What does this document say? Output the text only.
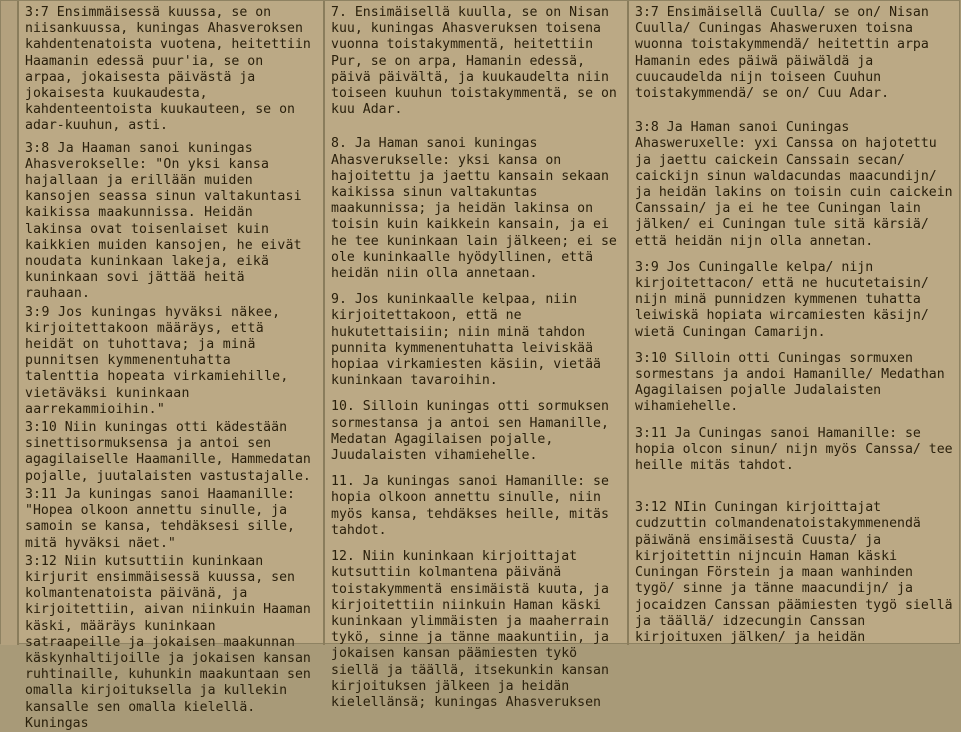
3:7 Ensimmäisessä kuussa, se on niisankuussa, kuningas Ahasveroksen kahdentenatoista vuotena, heitettiin Haamanin edessä puur'ia, se on arpaa, jokaisesta päivästä ja jokaisesta kuukaudesta, kahdenteentoista kuukauteen, se on adar-kuuhun, asti.

3:8 Ja Haaman sanoi kuningas Ahasverokselle: "On yksi kansa hajallaan ja erillään muiden kansojen seassa sinun valtakuntasi kaikissa maakunnissa. Heidän lakinsa ovat toisenlaiset kuin kaikkien muiden kansojen, he eivät noudata kuninkaan lakeja, eikä kuninkaan sovi jättää heitä rauhaan.

3:9 Jos kuningas hyväksi näkee, kirjoitettakoon määräys, että heidät on tuhottava; ja minä punnitsen kymmenentuhatta talenttia hopeata virkamiehille, vietäväksi kuninkaan aarrekammioihin."

3:10 Niin kuningas otti kädestään sinettisormuksensa ja antoi sen agagilaiselle Haamanille, Hammedatan pojalle, juutalaisten vastustajalle.

3:11 Ja kuningas sanoi Haamanille: "Hopea olkoon annettu sinulle, ja samoin se kansa, tehdäksesi sille, mitä hyväksi näet."

3:12 Niin kutsuttiin kuninkaan kirjurit ensimmäisessä kuussa, sen kolmantenatoista päivänä, ja kirjoitettiin, aivan niinkuin Haaman käski, määräys kuninkaan satraapeille ja jokaisen maakunnan käskynhaltijoille ja jokaisen kansan ruhtinaille, kuhunkin maakuntaan sen omalla kirjoituksella ja kullekin kansalle sen omalla kielellä. Kuningas

7. Ensimäisellä kuulla, se on Nisan kuu, kuningas Ahasveruksen toisena vuonna toistakymmentä, heitettiin Pur, se on arpa, Hamanin edessä, päivä päivältä, ja kuukaudelta niin toiseen kuuhun toistakymmentä, se on kuu Adar.

8. Ja Haman sanoi kuningas Ahasverukselle: yksi kansa on hajoitettu ja jaettu kansain sekaan kaikissa sinun valtakuntas maakunnissa; ja heidän lakinsa on toisin kuin kaikkein kansain, ja ei he tee kuninkaan lain jälkeen; ei se ole kuninkaalle hyödyllinen, että heidän niin olla annetaan.

9. Jos kuninkaalle kelpaa, niin kirjoitettakoon, että ne hukutettaisiin; niin minä tahdon punnita kymmenentuhatta leiviskää hopiaa virkamiesten käsiin, vietää kuninkaan tavaroihin.

10. Silloin kuningas otti sormuksen sormestansa ja antoi sen Hamanille, Medatan Agagilaisen pojalle, Juudalaisten vihamiehelle.

11. Ja kuningas sanoi Hamanille: se hopia olkoon annettu sinulle, niin myös kansa, tehdäkses heille, mitäs tahdot.

12. Niin kuninkaan kirjoittajat kutsuttiin kolmantena päivänä toistakymmentä ensimäistä kuuta, ja kirjoitettiin niinkuin Haman käski kuninkaan ylimmäisten ja maaherrain tykö, sinne ja tänne maakuntiin, ja jokaisen kansan päämiesten tykö siellä ja täällä, itsekunkin kansan kirjoituksen jälkeen ja heidän kielellänsä; kuningas Ahasveruksen

3:7 Ensimäisellä Cuulla/ se on/ Nisan Cuulla/ Cuningas Ahasweruxen toisna wuonna toistakymmendä/ heitettin arpa Hamanin edes päiwä päiwäldä ja cuucaudelda nijn toiseen Cuuhun toistakymmendä/ se on/ Cuu Adar.

3:8 Ja Haman sanoi Cuningas Ahasweruxelle: yxi Canssa on hajotettu ja jaettu caickein Canssain secan/ caickijn sinun waldacundas maacundijn/ ja heidän lakins on toisin cuin caickein Canssain/ ja ei he tee Cuningan lain jälken/ ei Cuningan tule sitä kärsiä/ että heidän nijn olla annetan.

3:9 Jos Cuningalle kelpa/ nijn kirjoitettacon/ että ne hucutetaisin/ nijn minä punnidzen kymmenen tuhatta leiwiskä hopiata wircamiesten käsijn/ wietä Cuningan Camarijn.

3:10 Silloin otti Cuningas sormuxen sormestans ja andoi Hamanille/ Medathan Agagilaisen pojalle Judalaisten wihamiehelle.

3:11 Ja Cuningas sanoi Hamanille: se hopia olcon sinun/ nijn myös Canssa/ tee heille mitäs tahdot.

3:12 NIin Cuningan kirjoittajat cudzuttin colmandenatoistakymmenendä päiwänä ensimäisestä Cuusta/ ja kirjoitettin nijncuin Haman käski Cuningan Förstein ja maan wanhinden tygö/ sinne ja tänne maacundijn/ ja jocaidzen Canssan päämiesten tygö siellä ja täällä/ idzecungin Canssan kirjoituxen jälken/ ja heidän
